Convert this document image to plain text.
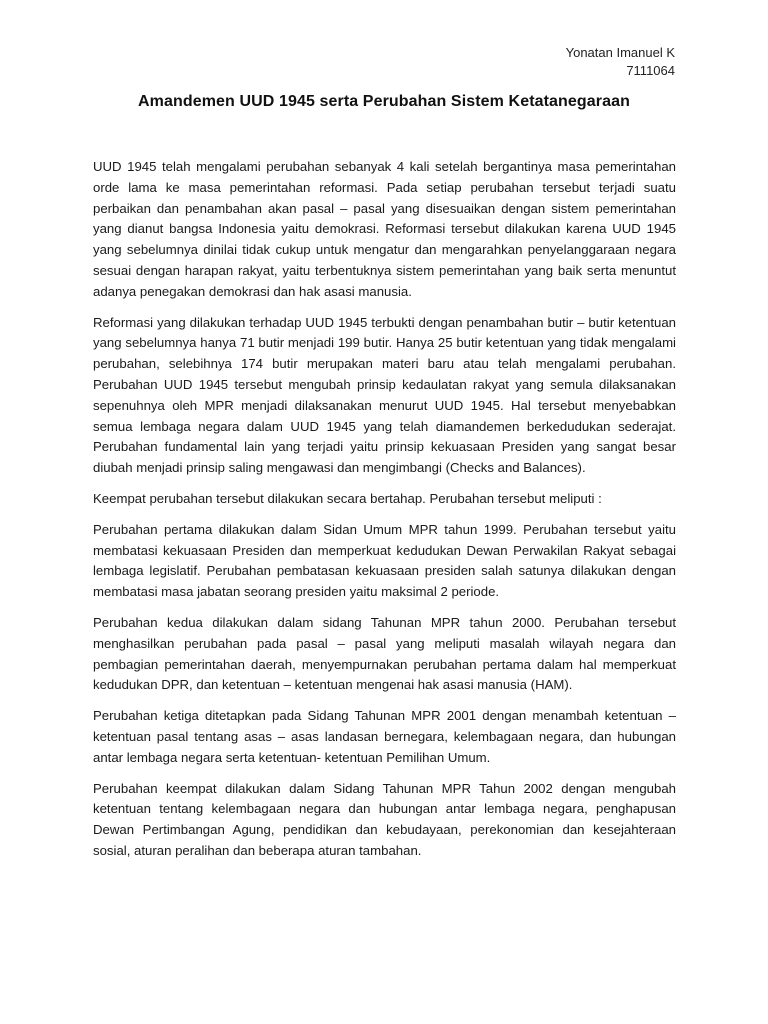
Yonatan Imanuel K
7111064
Amandemen UUD 1945 serta Perubahan Sistem Ketatanegaraan

UUD 1945 telah mengalami perubahan sebanyak 4 kali setelah bergantinya masa pemerintahan orde lama ke masa pemerintahan reformasi. Pada setiap perubahan tersebut terjadi suatu perbaikan dan penambahan akan pasal – pasal yang disesuaikan dengan sistem pemerintahan yang dianut bangsa Indonesia yaitu demokrasi. Reformasi tersebut dilakukan karena UUD 1945 yang sebelumnya dinilai tidak cukup untuk mengatur dan mengarahkan penyelanggaraan negara sesuai dengan harapan rakyat, yaitu terbentuknya sistem pemerintahan yang baik serta menuntut adanya penegakan demokrasi dan hak asasi manusia.

Reformasi yang dilakukan terhadap UUD 1945 terbukti dengan penambahan butir – butir ketentuan yang sebelumnya hanya 71 butir menjadi 199 butir. Hanya 25 butir ketentuan yang tidak mengalami perubahan, selebihnya 174 butir merupakan materi baru atau telah mengalami perubahan. Perubahan UUD 1945 tersebut mengubah prinsip kedaulatan rakyat yang semula dilaksanakan sepenuhnya oleh MPR menjadi dilaksanakan menurut UUD 1945. Hal tersebut menyebabkan semua lembaga negara dalam UUD 1945 yang telah diamandemen berkedudukan sederajat. Perubahan fundamental lain yang terjadi yaitu prinsip kekuasaan Presiden yang sangat besar diubah menjadi prinsip saling mengawasi dan mengimbangi (Checks and Balances).

Keempat perubahan tersebut dilakukan secara bertahap. Perubahan tersebut meliputi :

Perubahan pertama dilakukan dalam Sidan Umum MPR tahun 1999. Perubahan tersebut yaitu membatasi kekuasaan Presiden dan memperkuat kedudukan Dewan Perwakilan Rakyat sebagai lembaga legislatif. Perubahan pembatasan kekuasaan presiden salah satunya dilakukan dengan membatasi masa jabatan seorang presiden yaitu maksimal 2 periode.

Perubahan kedua dilakukan dalam sidang Tahunan MPR tahun 2000. Perubahan tersebut menghasilkan perubahan pada pasal – pasal yang meliputi masalah wilayah negara dan pembagian pemerintahan daerah, menyempurnakan perubahan pertama dalam hal memperkuat kedudukan DPR, dan ketentuan – ketentuan mengenai hak asasi manusia (HAM).

Perubahan ketiga ditetapkan pada Sidang Tahunan MPR 2001 dengan menambah ketentuan – ketentuan pasal tentang asas – asas landasan bernegara, kelembagaan negara, dan hubungan antar lembaga negara serta ketentuan- ketentuan Pemilihan Umum.

Perubahan keempat dilakukan dalam Sidang Tahunan MPR Tahun 2002 dengan mengubah ketentuan tentang kelembagaan negara dan hubungan antar lembaga negara, penghapusan Dewan Pertimbangan Agung, pendidikan dan kebudayaan, perekonomian dan kesejahteraan sosial, aturan peralihan dan beberapa aturan tambahan.
